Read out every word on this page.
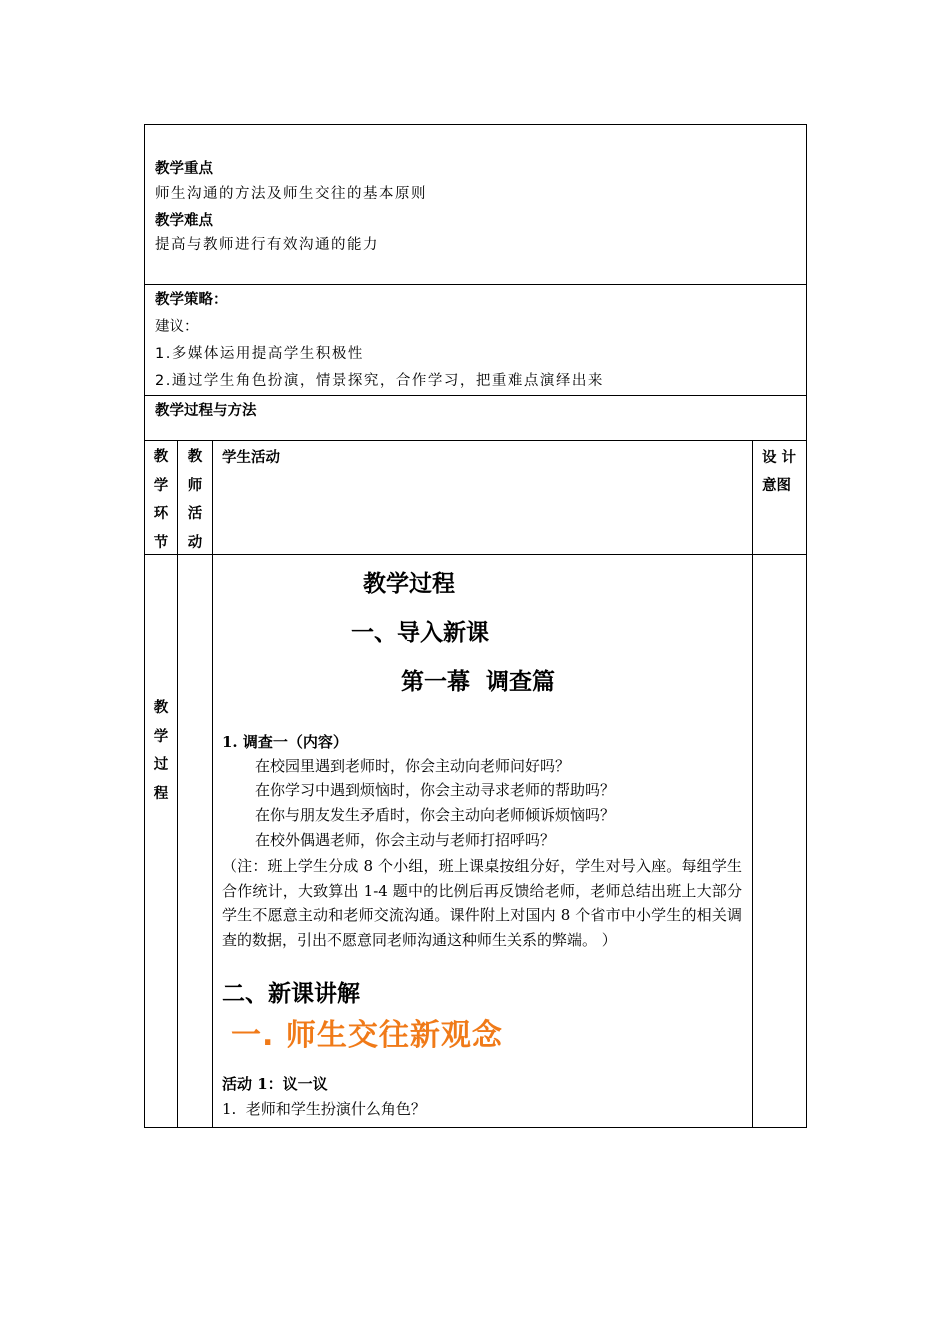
教学重点
师生沟通的方法及师生交往的基本原则
教学难点
提高与教师进行有效沟通的能力
教学策略：
建议：
1.多媒体运用提高学生积极性
2.通过学生角色扮演，情景探究，合作学习，把重难点演绎出来
教学过程与方法
教
学
环
节
教
师
活
动
学生活动	设 计
意图
教
学
过
程
教学过程
一、导入新课
第一幕  调查篇
1. 调查一（内容）
在校园里遇到老师时，你会主动向老师问好吗？
在你学习中遇到烦恼时，你会主动寻求老师的帮助吗？
在你与朋友发生矛盾时，你会主动向老师倾诉烦恼吗？
在校外偶遇老师，你会主动与老师打招呼吗？
（注：班上学生分成 8 个小组，班上课桌按组分好，学生对号入座。每组学生合作统计，大致算出 1-4 题中的比例后再反馈给老师，老师总结出班上大部分学生不愿意主动和老师交流沟通。课件附上对国内 8 个省市中小学生的相关调查的数据，引出不愿意同老师沟通这种师生关系的弊端。 ）
二、新课讲解
一. 师生交往新观念
活动 1：议一议
1.  老师和学生扮演什么角色？
